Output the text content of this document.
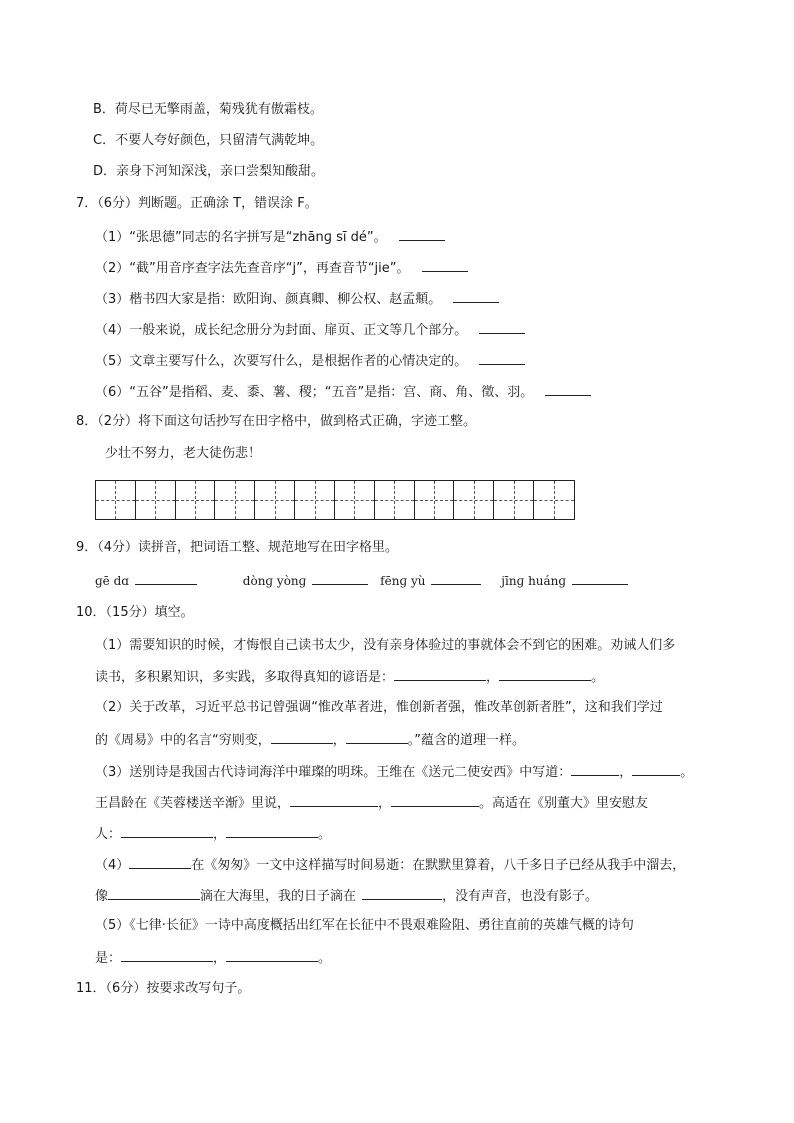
B．荷尽已无擎雨盖，菊残犹有傲霜枝。
C．不要人夸好颜色，只留清气满乾坤。
D．亲身下河知深浅，亲口尝梨知酸甜。
7．（6分）判断题。正确涂 T，错误涂 F。
（1）“张思德”同志的名字拼写是“zhānɡ sī dé”。
（2）“截”用音序查字法先查音序“j”，再查音节“jie”。
（3）楷书四大家是指：欧阳询、颜真卿、柳公权、赵孟頫。
（4）一般来说，成长纪念册分为封面、扉页、正文等几个部分。
（5）文章主要写什么，次要写什么，是根据作者的心情决定的。
（6）“五谷”是指稻、麦、黍、薯、稷；“五音”是指：宫、商、角、徵、羽。
8．（2分）将下面这句话抄写在田字格中，做到格式正确，字迹工整。
少壮不努力，老大徒伤悲！
9．（4分）读拼音，把词语工整、规范地写在田字格里。
ɡē dɑ	dònɡ yònɡ	fēnɡ yù	jīnɡ huánɡ
10．（15分）填空。
（1）需要知识的时候，才悔恨自己读书太少，没有亲身体验过的事就体会不到它的困难。劝诫人们多
读书，多积累知识，多实践，多取得真知的谚语是：	，	。
（2）关于改革，习近平总书记曾强调“惟改革者进，惟创新者强，惟改革创新者胜”，这和我们学过
的《周易》中的名言“穷则变，	，	。”蕴含的道理一样。
（3）送别诗是我国古代诗词海洋中璀璨的明珠。王维在《送元二使安西》中写道：	，	。
王昌龄在《芙蓉楼送辛渐》里说，	，	。高适在《别董大》里安慰友
人：	，	。
（4）	在《匆匆》一文中这样描写时间易逝：在默默里算着，八千多日子已经从我手中溜去，
像	滴在大海里，我的日子滴在	，没有声音，也没有影子。
（5）《七律·长征》一诗中高度概括出红军在长征中不畏艰难险阻、勇往直前的英雄气概的诗句
是：	，	。
11．（6分）按要求改写句子。
